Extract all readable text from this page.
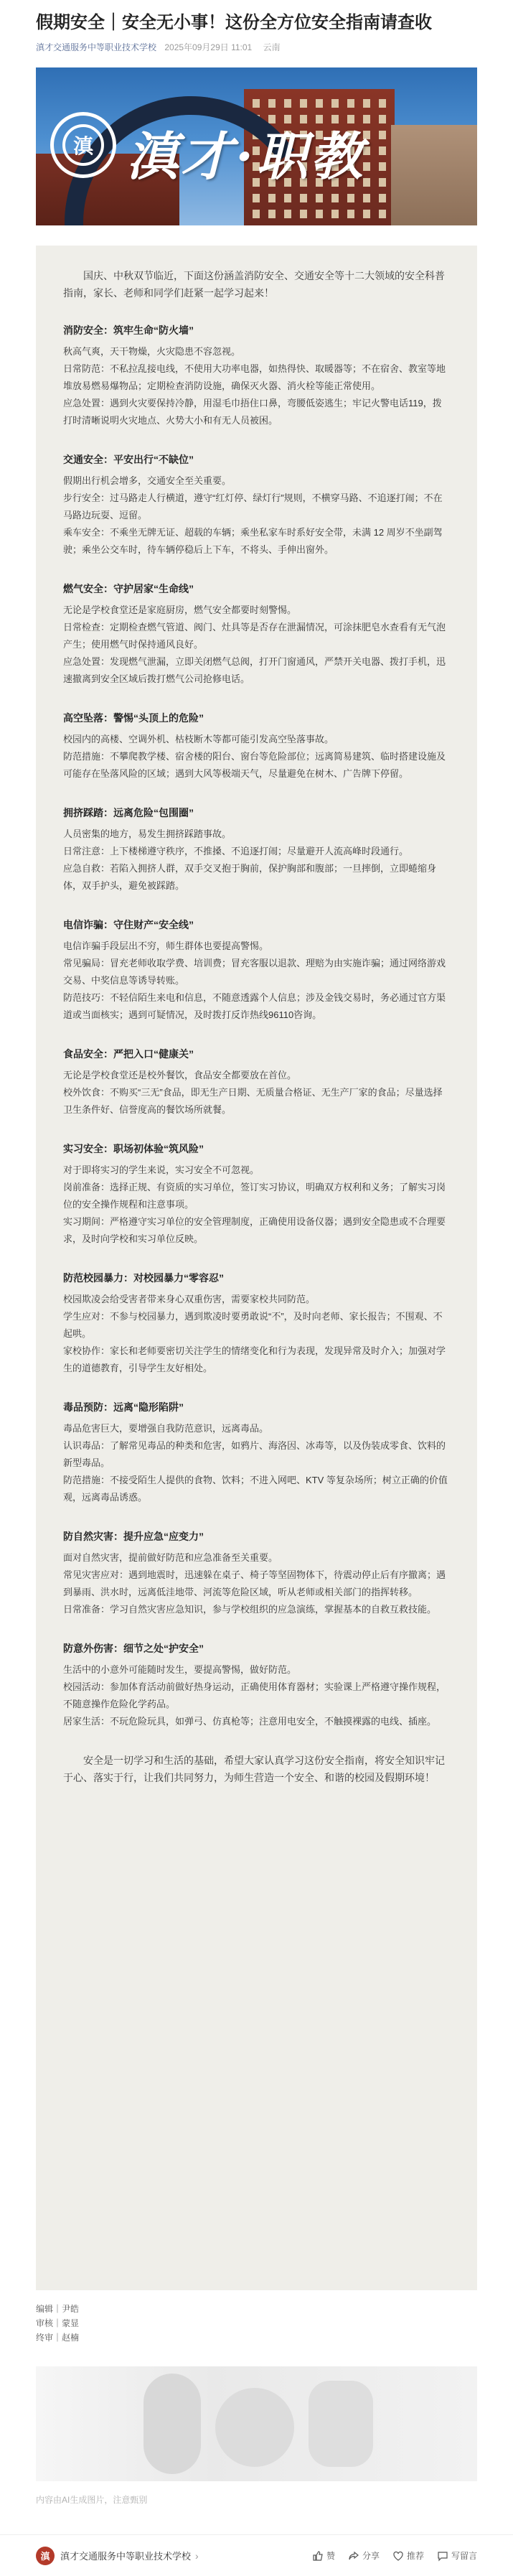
假期安全｜安全无小事！这份全方位安全指南请查收
滇才交通服务中等职业技术学校 2025年09月29日 11:01 云南
滇 滇才·职教

国庆、中秋双节临近，下面这份涵盖消防安全、交通安全等十二大领域的安全科普指南，家长、老师和同学们赶紧一起学习起来！

消防安全：筑牢生命“防火墙”

秋高气爽，天干物燥，火灾隐患不容忽视。

日常防范：不私拉乱接电线，不使用大功率电器，如热得快、取暖器等；不在宿舍、教室等地堆放易燃易爆物品；定期检查消防设施，确保灭火器、消火栓等能正常使用。

应急处置：遇到火灾要保持冷静，用湿毛巾捂住口鼻，弯腰低姿逃生；牢记火警电话119，拨打时清晰说明火灾地点、火势大小和有无人员被困。

交通安全：平安出行“不缺位”

假期出行机会增多，交通安全至关重要。

步行安全：过马路走人行横道，遵守“红灯停、绿灯行”规则，不横穿马路、不追逐打闹；不在马路边玩耍、逗留。

乘车安全：不乘坐无牌无证、超载的车辆；乘坐私家车时系好安全带，未满 12 周岁不坐副驾驶；乘坐公交车时，待车辆停稳后上下车，不将头、手伸出窗外。

燃气安全：守护居家“生命线”

无论是学校食堂还是家庭厨房，燃气安全都要时刻警惕。

日常检查：定期检查燃气管道、阀门、灶具等是否存在泄漏情况，可涂抹肥皂水查看有无气泡产生；使用燃气时保持通风良好。

应急处置：发现燃气泄漏，立即关闭燃气总阀，打开门窗通风，严禁开关电器、拨打手机，迅速撤离到安全区域后拨打燃气公司抢修电话。

高空坠落：警惕“头顶上的危险”

校园内的高楼、空调外机、枯枝断木等都可能引发高空坠落事故。

防范措施：不攀爬教学楼、宿舍楼的阳台、窗台等危险部位；远离简易建筑、临时搭建设施及可能存在坠落风险的区域；遇到大风等极端天气，尽量避免在树木、广告牌下停留。

拥挤踩踏：远离危险“包围圈”

人员密集的地方，易发生拥挤踩踏事故。

日常注意：上下楼梯遵守秩序，不推搡、不追逐打闹；尽量避开人流高峰时段通行。

应急自救：若陷入拥挤人群，双手交叉抱于胸前，保护胸部和腹部；一旦摔倒，立即蜷缩身体，双手护头，避免被踩踏。

电信诈骗：守住财产“安全线”

电信诈骗手段层出不穷，师生群体也要提高警惕。

常见骗局：冒充老师收取学费、培训费；冒充客服以退款、理赔为由实施诈骗；通过网络游戏交易、中奖信息等诱导转账。

防范技巧：不轻信陌生来电和信息，不随意透露个人信息；涉及金钱交易时，务必通过官方渠道或当面核实；遇到可疑情况，及时拨打反诈热线96110咨询。

食品安全：严把入口“健康关”

无论是学校食堂还是校外餐饮，食品安全都要放在首位。

校外饮食：不购买“三无”食品，即无生产日期、无质量合格证、无生产厂家的食品；尽量选择卫生条件好、信誉度高的餐饮场所就餐。

实习安全：职场初体验“筑风险”

对于即将实习的学生来说，实习安全不可忽视。

岗前准备：选择正规、有资质的实习单位，签订实习协议，明确双方权利和义务；了解实习岗位的安全操作规程和注意事项。

实习期间：严格遵守实习单位的安全管理制度，正确使用设备仪器；遇到安全隐患或不合理要求，及时向学校和实习单位反映。

防范校园暴力：对校园暴力“零容忍”

校园欺凌会给受害者带来身心双重伤害，需要家校共同防范。

学生应对：不参与校园暴力，遇到欺凌时要勇敢说“不”，及时向老师、家长报告；不围观、不起哄。

家校协作：家长和老师要密切关注学生的情绪变化和行为表现，发现异常及时介入；加强对学生的道德教育，引导学生友好相处。

毒品预防：远离“隐形陷阱”

毒品危害巨大，要增强自我防范意识，远离毒品。

认识毒品：了解常见毒品的种类和危害，如鸦片、海洛因、冰毒等，以及伪装成零食、饮料的新型毒品。

防范措施：不接受陌生人提供的食物、饮料；不进入网吧、KTV 等复杂场所；树立正确的价值观，远离毒品诱惑。

防自然灾害：提升应急“应变力”

面对自然灾害，提前做好防范和应急准备至关重要。

常见灾害应对：遇到地震时，迅速躲在桌子、椅子等坚固物体下，待震动停止后有序撤离；遇到暴雨、洪水时，远离低洼地带、河流等危险区域，听从老师或相关部门的指挥转移。

日常准备：学习自然灾害应急知识，参与学校组织的应急演练，掌握基本的自救互救技能。

防意外伤害：细节之处“护安全”

生活中的小意外可能随时发生，要提高警惕，做好防范。

校园活动：参加体育活动前做好热身运动，正确使用体育器材；实验课上严格遵守操作规程，不随意操作危险化学药品。

居家生活：不玩危险玩具，如弹弓、仿真枪等；注意用电安全，不触摸裸露的电线、插座。

安全是一切学习和生活的基础，希望大家认真学习这份安全指南，将安全知识牢记于心、落实于行，让我们共同努力，为师生营造一个安全、和谐的校园及假期环境！

编辑｜尹皓
审核｜蒙显
终审｜赵楠
内容由AI生成图片，注意甄别
滇	滇才交通服务中等职业技术学校 ›	赞	分享	推荐	写留言
